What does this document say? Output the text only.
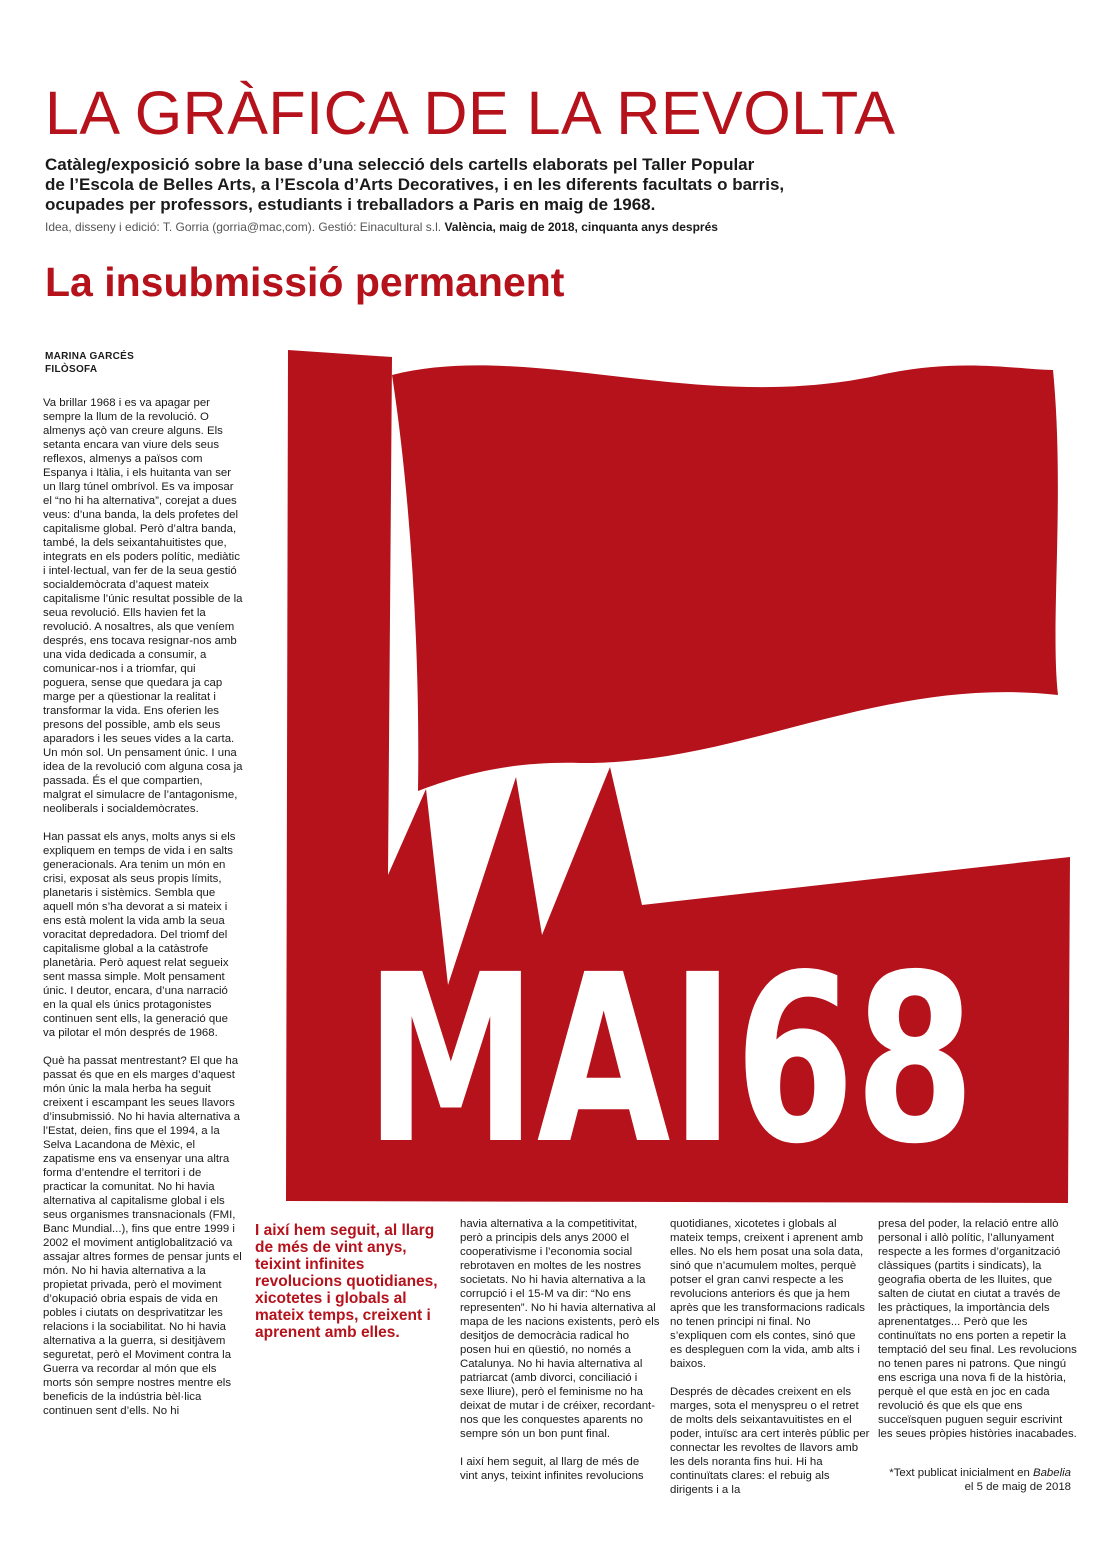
LA GRÀFICA DE LA REVOLTA
Catàleg/exposició sobre la base d’una selecció dels cartells elaborats pel Taller Popular
de l’Escola de Belles Arts, a l’Escola d’Arts Decoratives, i en les diferents facultats o barris,
ocupades per professors, estudiants i treballadors a Paris en maig de 1968.

Idea, disseny i edició: T. Gorria (gorria@mac,com). Gestió: Einacultural s.l. València, maig de 2018, cinquanta anys després

La insubmissió permanent
MARINA GARCÉS
FILÒSOFA

Va brillar 1968 i es va apagar per sempre la llum de la revolució. O almenys açò van creure alguns. Els setanta encara van viure dels seus reflexos, almenys a països com Espanya i Itàlia, i els huitanta van ser un llarg túnel ombrívol. Es va imposar el “no hi ha alternativa”, corejat a dues veus: d’una banda, la dels profetes del capitalisme global. Però d’altra banda, també, la dels seixantahuitistes que, integrats en els poders polític, mediàtic i intel·lectual, van fer de la seua gestió socialdemòcrata d’aquest mateix capitalisme l’únic resultat possible de la seua revolució. Ells havien fet la revolució. A nosaltres, als que veníem després, ens tocava resignar-nos amb una vida dedicada a consumir, a comunicar-nos i a triomfar, qui poguera, sense que quedara ja cap marge per a qüestionar la realitat i transformar la vida. Ens oferien les presons del possible, amb els seus aparadors i les seues vides a la carta. Un món sol. Un pensament únic. I una idea de la revolució com alguna cosa ja passada. És el que compartien, malgrat el simulacre de l’antagonisme, neoliberals i socialdemòcrates.

Han passat els anys, molts anys si els expliquem en temps de vida i en salts generacionals. Ara tenim un món en crisi, exposat als seus propis límits, planetaris i sistèmics. Sembla que aquell món s’ha devorat a si mateix i ens està molent la vida amb la seua voracitat depredadora. Del triomf del capitalisme global a la catàstrofe planetària. Però aquest relat segueix sent massa simple. Molt pensament únic. I deutor, encara, d’una narració en la qual els únics protagonistes continuen sent ells, la generació que va pilotar el món després de 1968.

Què ha passat mentrestant? El que ha passat és que en els marges d’aquest món únic la mala herba ha seguit creixent i escampant les seues llavors d’insubmissió. No hi havia alternativa a l’Estat, deien, fins que el 1994, a la Selva Lacandona de Mèxic, el zapatisme ens va ensenyar una altra forma d’entendre el territori i de practicar la comunitat. No hi havia alternativa al capitalisme global i els seus organismes transnacionals (FMI, Banc Mundial...), fins que entre 1999 i 2002 el moviment antiglobalització va assajar altres formes de pensar junts el món. No hi havia alternativa a la propietat privada, però el moviment d’okupació obria espais de vida en pobles i ciutats on desprivatitzar les relacions i la sociabilitat. No hi havia alternativa a la guerra, si desitjàvem seguretat, però el Moviment contra la Guerra va recordar al món que els morts són sempre nostres mentre els beneficis de la indústria bèl·lica continuen sent d’ells. No hi

MAI68

I així hem seguit, al llarg de més de vint anys, teixint infinites revolucions quotidianes, xicotetes i globals al mateix temps, creixent i aprenent amb elles.

havia alternativa a la competitivitat, però a principis dels anys 2000 el cooperativisme i l’economia social rebrotaven en moltes de les nostres societats. No hi havia alternativa a la corrupció i el 15-M va dir: “No ens representen”. No hi havia alternativa al mapa de les nacions existents, però els desitjos de democràcia radical ho posen hui en qüestió, no només a Catalunya. No hi havia alternativa al patriarcat (amb divorci, conciliació i sexe lliure), però el feminisme no ha deixat de mutar i de créixer, recordant-nos que les conquestes aparents no sempre són un bon punt final.

I així hem seguit, al llarg de més de vint anys, teixint infinites revolucions

quotidianes, xicotetes i globals al mateix temps, creixent i aprenent amb elles. No els hem posat una sola data, sinó que n’acumulem moltes, perquè potser el gran canvi respecte a les revolucions anteriors és que ja hem après que les transformacions radicals no tenen principi ni final. No s’expliquen com els contes, sinó que es despleguen com la vida, amb alts i baixos.

Després de dècades creixent en els marges, sota el menyspreu o el retret de molts dels seixantavuitistes en el poder, intuïsc ara cert interès públic per connectar les revoltes de llavors amb les dels noranta fins hui. Hi ha continuïtats clares: el rebuig als dirigents i a la

presa del poder, la relació entre allò personal i allò polític, l’allunyament respecte a les formes d’organització clàssiques (partits i sindicats), la geografia oberta de les lluites, que salten de ciutat en ciutat a través de les pràctiques, la importància dels aprenentatges... Però que les continuïtats no ens porten a repetir la temptació del seu final. Les revolucions no tenen pares ni patrons. Que ningú ens escriga una nova fi de la història, perquè el que està en joc en cada revolució és que els que ens succeïsquen puguen seguir escrivint les seues pròpies històries inacabades.

*Text publicat inicialment en Babelia
el 5 de maig de 2018
